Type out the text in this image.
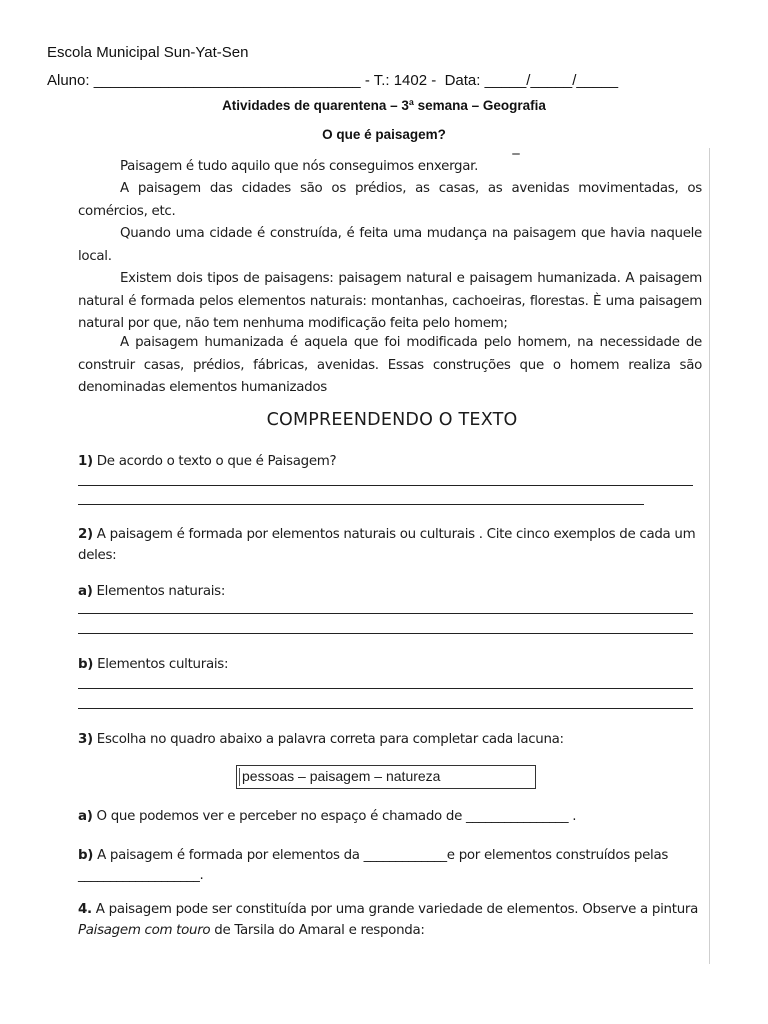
Escola Municipal Sun-Yat-Sen
Aluno: ________________________________ - T.: 1402 -  Data: _____/_____/_____
Atividades de quarentena – 3ª semana – Geografia
O que é paisagem?
Paisagem é tudo aquilo que nós conseguimos enxergar.
A paisagem das cidades são os prédios, as casas, as avenidas movimentadas, os comércios, etc.
Quando uma cidade é construída, é feita uma mudança na paisagem que havia naquele local.
Existem dois tipos de paisagens: paisagem natural e paisagem humanizada. A paisagem natural é formada pelos elementos naturais: montanhas, cachoeiras, florestas. È uma paisagem natural por que, não tem nenhuma modificação feita pelo homem;
A paisagem humanizada é aquela que foi modificada pelo homem, na necessidade de construir casas, prédios, fábricas, avenidas. Essas construções que o homem realiza são denominadas elementos humanizados
COMPREENDENDO O TEXTO
1) De acordo o texto o que é Paisagem?
2) A paisagem é formada por elementos naturais ou culturais . Cite cinco exemplos de cada um deles:
a) Elementos naturais:
b) Elementos culturais:
3) Escolha no quadro abaixo a palavra correta para completar cada lacuna:
pessoas – paisagem – natureza
a) O que podemos ver e perceber no espaço é chamado de ________________ .
b) A paisagem é formada por elementos da _____________e por elementos construídos pelas
___________________.
4. A paisagem pode ser constituída por uma grande variedade de elementos. Observe a pintura Paisagem com touro de Tarsila do Amaral e responda:
